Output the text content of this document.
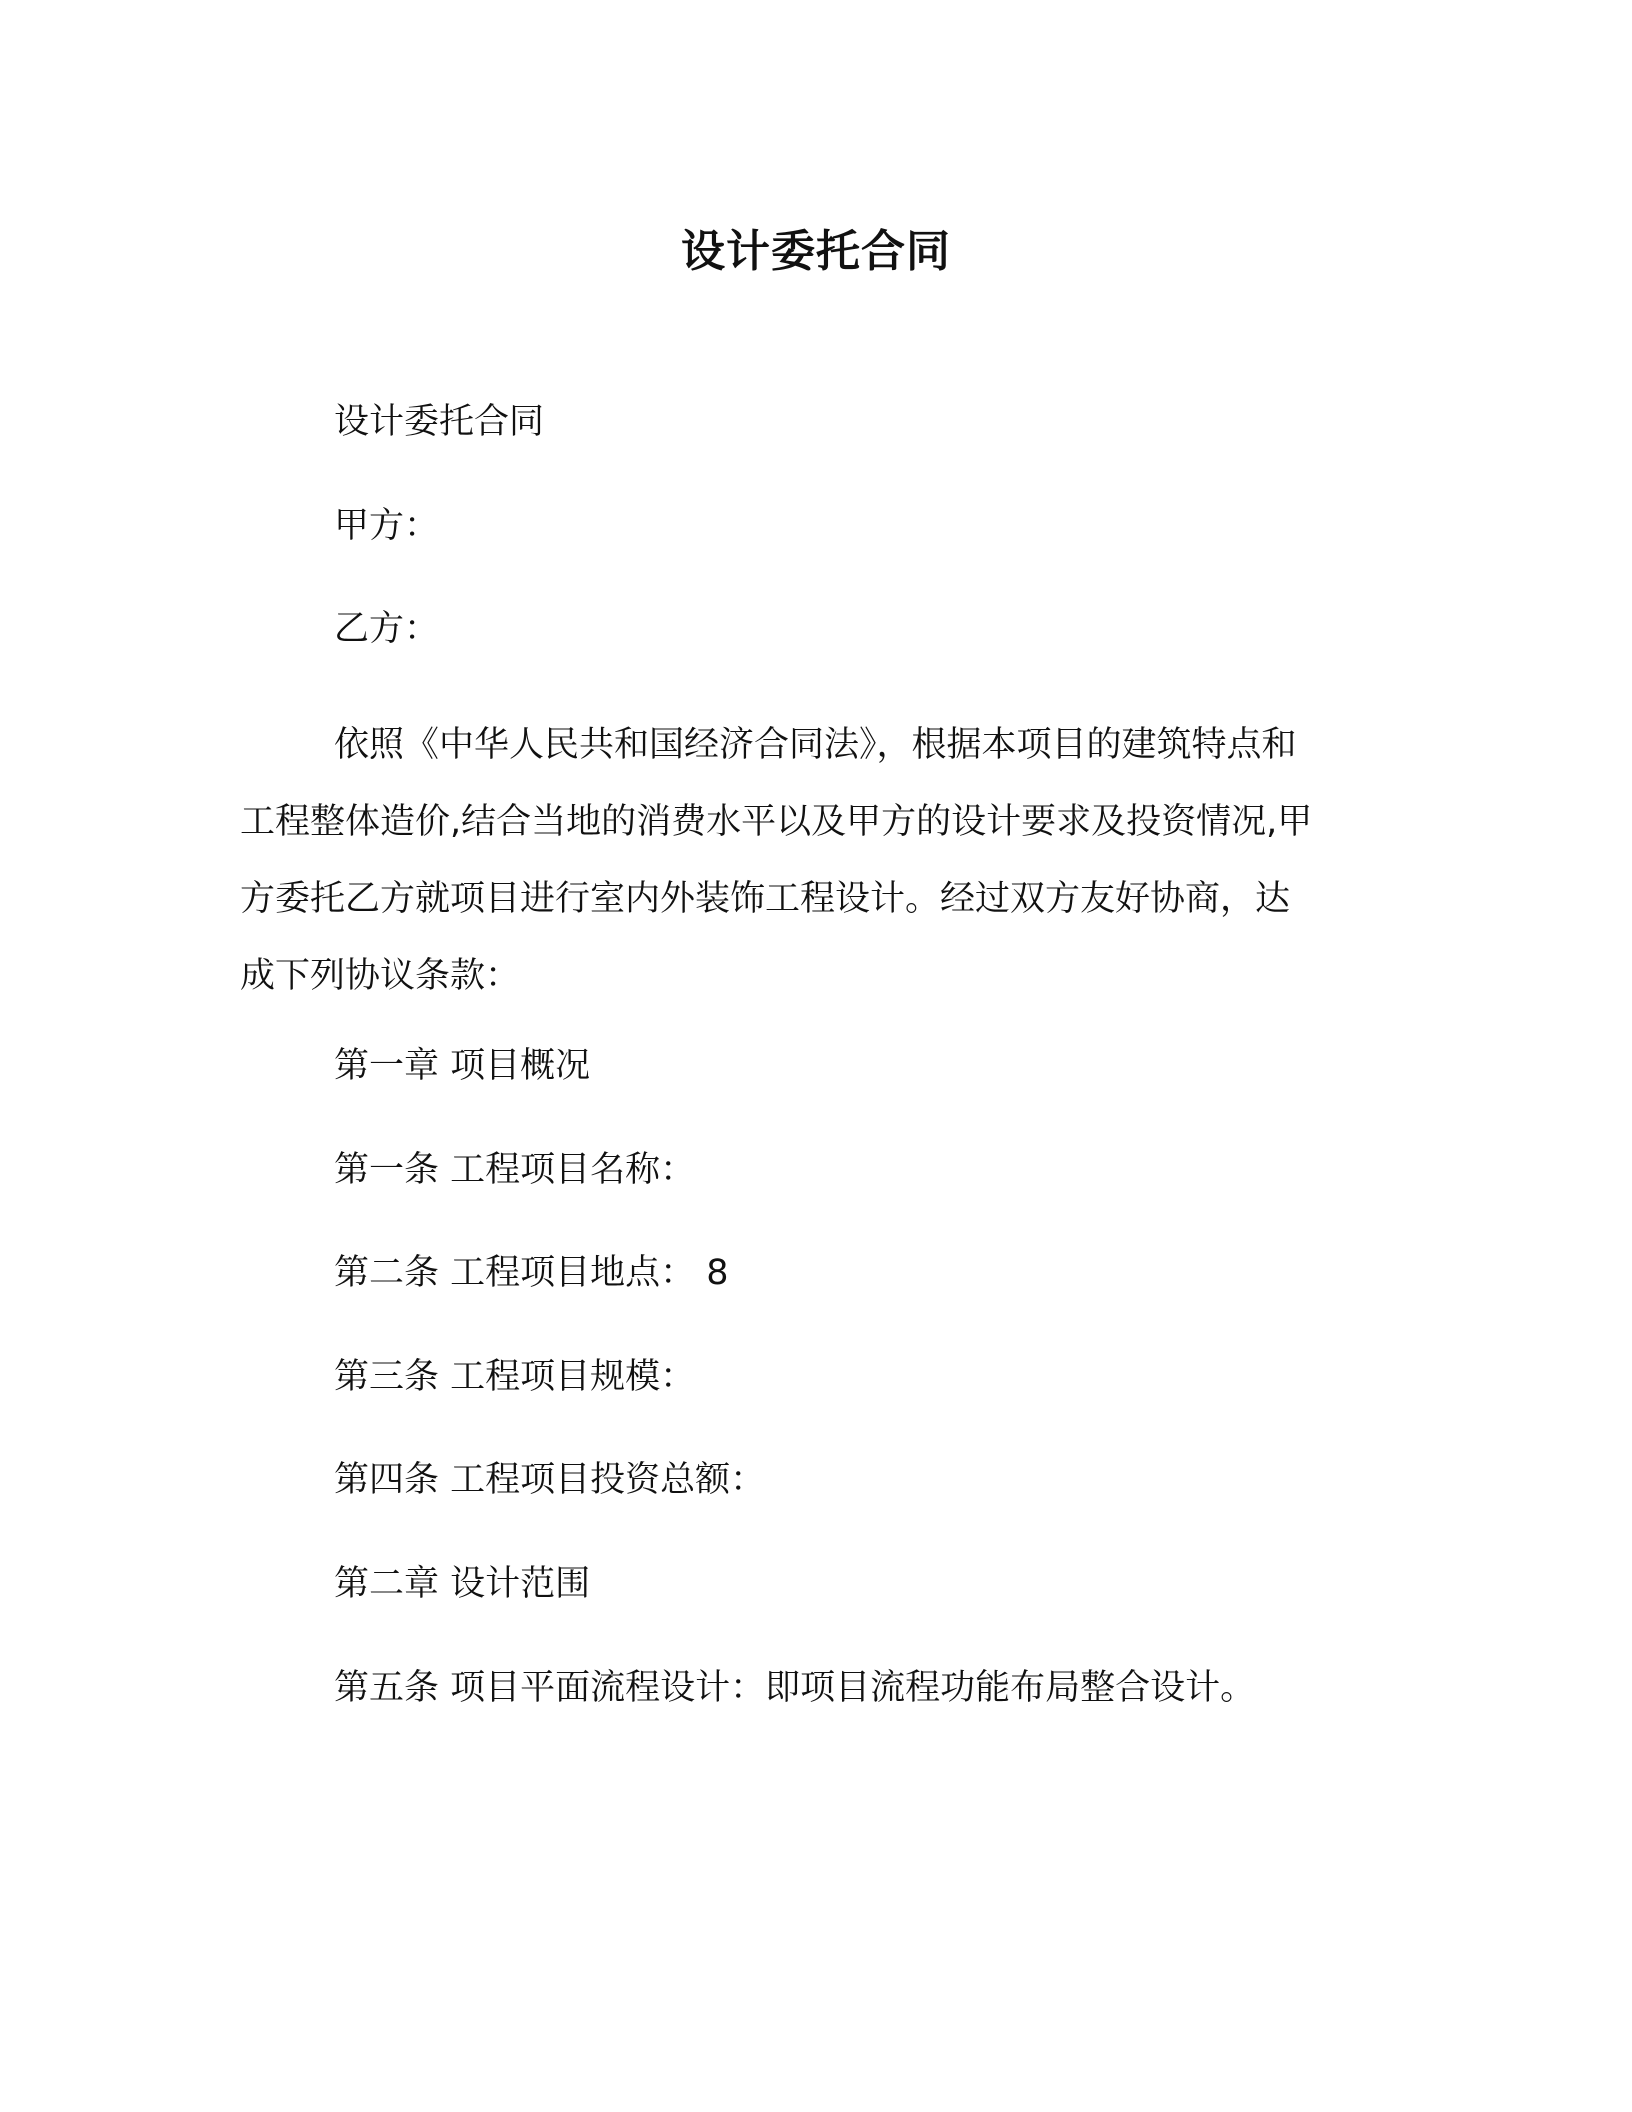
设计委托合同
设计委托合同
甲方：
乙方：
依照《中华人民共和国经济合同法》，根据本项目的建筑特点和
工程整体造价,结合当地的消费水平以及甲方的设计要求及投资情况,甲
方委托乙方就项目进行室内外装饰工程设计。经过双方友好协商，达
成下列协议条款：
第一章 项目概况
第一条 工程项目名称：
第二条 工程项目地点： 8
第三条 工程项目规模：
第四条 工程项目投资总额：
第二章 设计范围
第五条 项目平面流程设计：即项目流程功能布局整合设计。
